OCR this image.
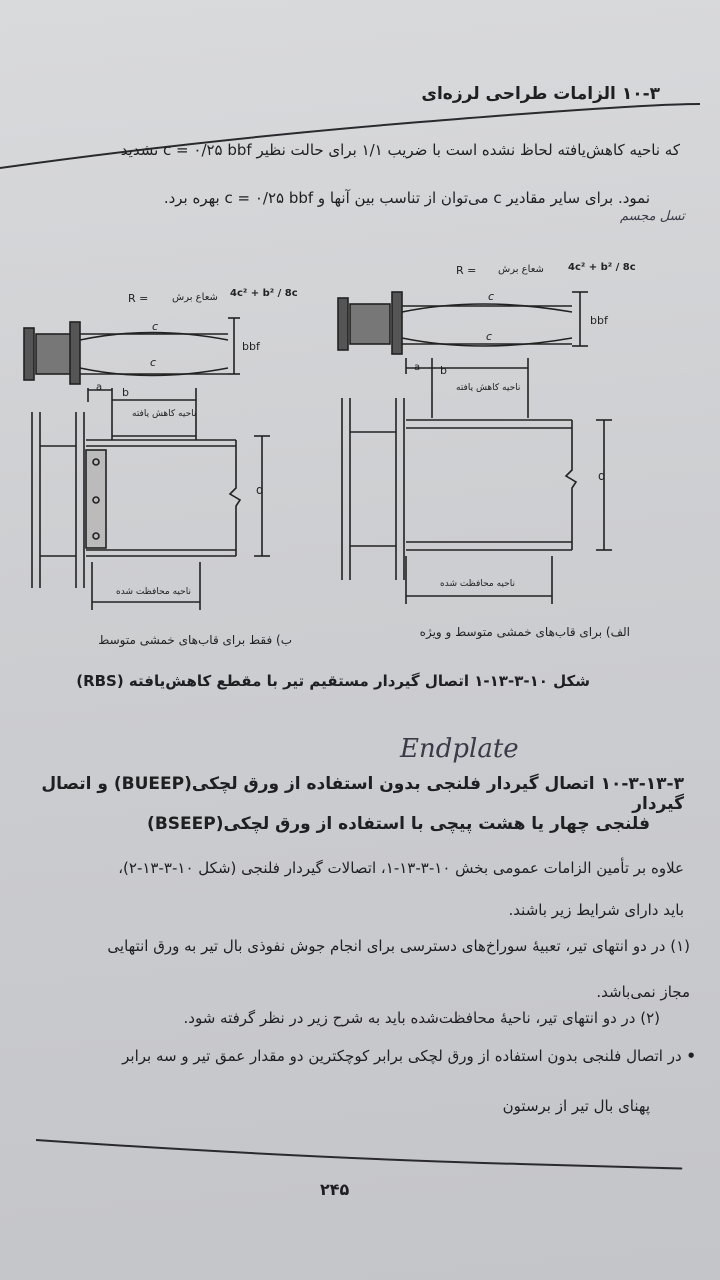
۱۰-۳ الزامات طراحی لرزه‌ای
که ناحیه کاهش‌یافته لحاظ نشده است با ضریب ۱/۱ برای حالت نظیر c = ۰/۲۵ bbf تشدید
نمود. برای سایر مقادیر c می‌توان از تناسب بین آنها و c = ۰/۲۵ bbf بهره برد.
تسل مجسم
R = شعاع برش 4c² + b² / 8c
c
c
bbf
a b
ناحیه کاهش یافته
d
ناحیه محافظت شده
R = شعاع برش 4c² + b² / 8c
c
c
bbf
a b
ناحیه کاهش یافته
d
ناحیه محافظت شده
ب) فقط برای قاب‌های خمشی متوسط
الف) برای قاب‌های خمشی متوسط و ویژه
شکل ۱۰-۳-۱۳-۱ اتصال گیردار مستقیم تیر با مقطع کاهش‌یافته (RBS)
Endplate
۱۰-۳-۱۳-۳ اتصال گیردار فلنجی بدون استفاده از ورق لچکی(BUEEP) و اتصال گیردار
فلنجی چهار یا هشت پیچی با استفاده از ورق لچکی(BSEEP)
علاوه بر تأمین الزامات عمومی بخش ۱۰-۳-۱۳-۱، اتصالات گیردار فلنجی (شکل ۱۰-۳-۱۳-۲)،
باید دارای شرایط زیر باشند.
(۱) در دو انتهای تیر، تعبیهٔ سوراخ‌های دسترسی برای انجام جوش نفوذی بال تیر به ورق انتهایی
مجاز نمی‌باشد.
(۲) در دو انتهای تیر، ناحیهٔ محافظت‌شده باید به شرح زیر در نظر گرفته شود.
• در اتصال فلنجی بدون استفاده از ورق لچکی برابر کوچکترین دو مقدار عمق تیر و سه برابر
پهنای بال تیر از برستون
۲۴۵
